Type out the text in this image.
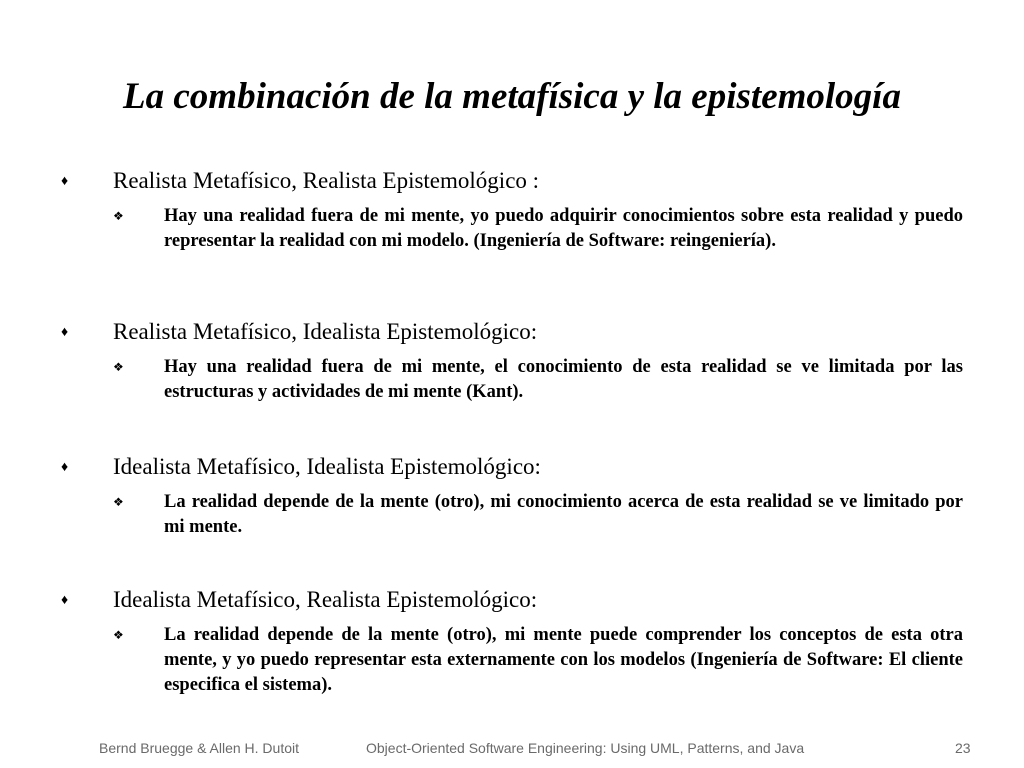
La combinación de la metafísica y la epistemología
♦ Realista Metafísico, Realista Epistemológico :
❖ Hay una realidad fuera de mi mente, yo puedo adquirir conocimientos sobre esta realidad y puedo representar la realidad con mi modelo. (Ingeniería de Software: reingeniería).

♦ Realista Metafísico, Idealista Epistemológico:
❖ Hay una realidad fuera de mi mente, el conocimiento de esta realidad se ve limitada por las estructuras y actividades de mi mente (Kant).

♦ Idealista Metafísico, Idealista Epistemológico:
❖ La realidad depende de la mente (otro), mi conocimiento acerca de esta realidad se ve limitado por mi mente.

♦ Idealista Metafísico, Realista Epistemológico:
❖ La realidad depende de la mente (otro), mi mente puede comprender los conceptos de esta otra mente, y yo puedo representar esta externamente con los modelos (Ingeniería de Software: El cliente especifica el sistema).

Bernd Bruegge & Allen H. Dutoit	Object-Oriented Software Engineering: Using UML, Patterns, and Java	23
